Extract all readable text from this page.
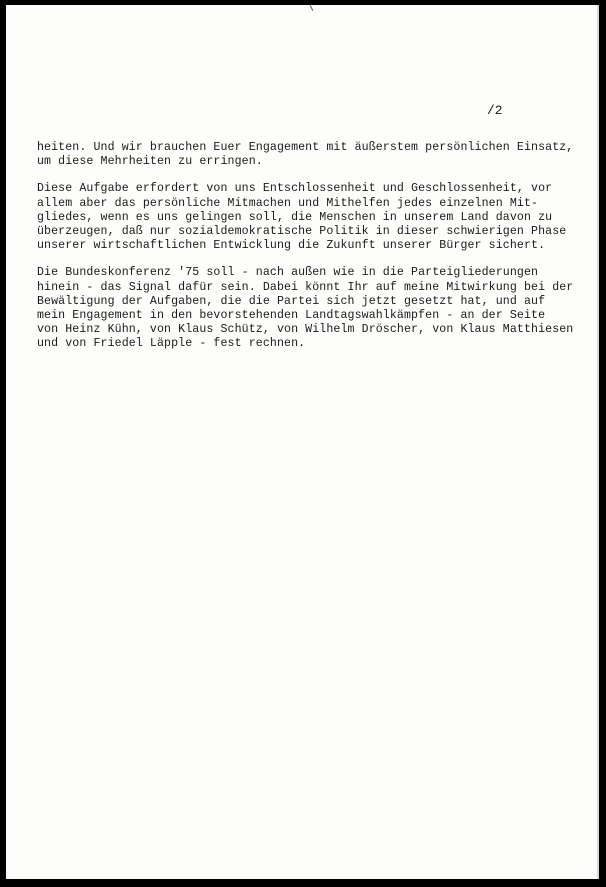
/2
heiten. Und wir brauchen Euer Engagement mit äußerstem persönlichen Einsatz,
um diese Mehrheiten zu erringen.
Diese Aufgabe erfordert von uns Entschlossenheit und Geschlossenheit, vor
allem aber das persönliche Mitmachen und Mithelfen jedes einzelnen Mit-
gliedes, wenn es uns gelingen soll, die Menschen in unserem Land davon zu
überzeugen, daß nur sozialdemokratische Politik in dieser schwierigen Phase
unserer wirtschaftlichen Entwicklung die Zukunft unserer Bürger sichert.
Die Bundeskonferenz '75 soll - nach außen wie in die Parteigliederungen
hinein - das Signal dafür sein. Dabei könnt Ihr auf meine Mitwirkung bei der
Bewältigung der Aufgaben, die die Partei sich jetzt gesetzt hat, und auf
mein Engagement in den bevorstehenden Landtagswahlkämpfen - an der Seite
von Heinz Kühn, von Klaus Schütz, von Wilhelm Dröscher, von Klaus Matthiesen
und von Friedel Läpple - fest rechnen.
